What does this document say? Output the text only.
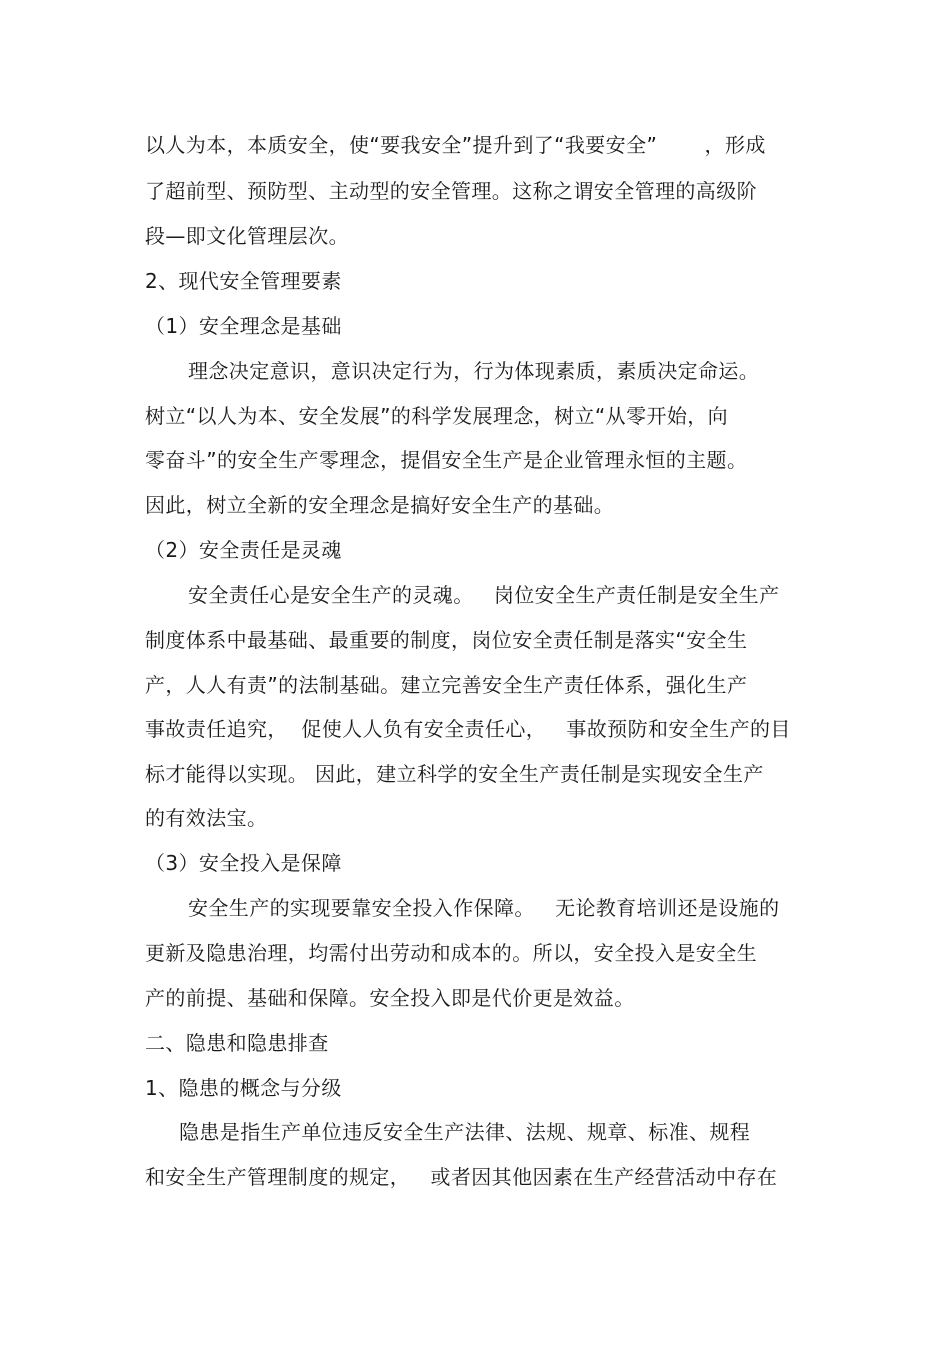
以人为本，本质安全，使“要我安全”提升到了“我要安全”       ，形成
了超前型、预防型、主动型的安全管理。这称之谓安全管理的高级阶
段—即文化管理层次。
2、现代安全管理要素
（1）安全理念是基础
理念决定意识，意识决定行为，行为体现素质，素质决定命运。
树立“以人为本、安全发展”的科学发展理念，树立“从零开始，向
零奋斗”的安全生产零理念，提倡安全生产是企业管理永恒的主题。
因此，树立全新的安全理念是搞好安全生产的基础。
（2）安全责任是灵魂
安全责任心是安全生产的灵魂。   岗位安全生产责任制是安全生产
制度体系中最基础、最重要的制度，岗位安全责任制是落实“安全生
产，人人有责”的法制基础。建立完善安全生产责任体系，强化生产
事故责任追究，  促使人人负有安全责任心，   事故预防和安全生产的目
标才能得以实现。 因此，建立科学的安全生产责任制是实现安全生产
的有效法宝。
（3）安全投入是保障
安全生产的实现要靠安全投入作保障。   无论教育培训还是设施的
更新及隐患治理，均需付出劳动和成本的。所以，安全投入是安全生
产的前提、基础和保障。安全投入即是代价更是效益。
二、隐患和隐患排查
1、隐患的概念与分级
隐患是指生产单位违反安全生产法律、法规、规章、标准、规程
和安全生产管理制度的规定，   或者因其他因素在生产经营活动中存在
